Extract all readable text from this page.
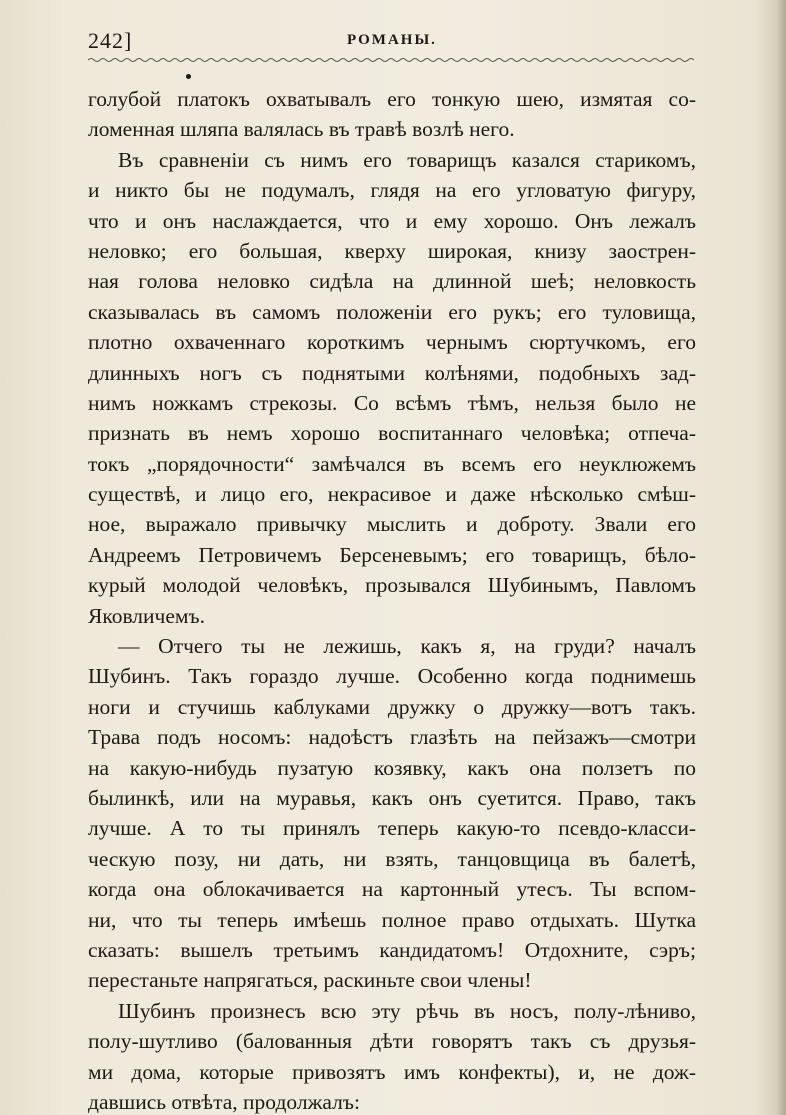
242]	РОМАНЫ.
голубой платокъ охватывалъ его тонкую шею, измятая со-
ломенная шляпа валялась въ травѣ возлѣ него.
Въ сравненіи съ нимъ его товарищъ казался старикомъ,
и никто бы не подумалъ, глядя на его угловатую фигуру,
что и онъ наслаждается, что и ему хорошо. Онъ лежалъ
неловко; его большая, кверху широкая, книзу заострен-
ная голова неловко сидѣла на длинной шеѣ; неловкость
сказывалась въ самомъ положеніи его рукъ; его туловища,
плотно охваченнаго короткимъ чернымъ сюртучкомъ, его
длинныхъ ногъ съ поднятыми колѣнями, подобныхъ зад-
нимъ ножкамъ стрекозы. Со всѣмъ тѣмъ, нельзя было не
признать въ немъ хорошо воспитаннаго человѣка; отпеча-
токъ „порядочности“ замѣчался въ всемъ его неуклюжемъ
существѣ, и лицо его, некрасивое и даже нѣсколько смѣш-
ное, выражало привычку мыслить и доброту. Звали его
Андреемъ Петровичемъ Берсеневымъ; его товарищъ, бѣло-
курый молодой человѣкъ, прозывался Шубинымъ, Павломъ
Яковличемъ.
— Отчего ты не лежишь, какъ я, на груди? началъ
Шубинъ. Такъ гораздо лучше. Особенно когда поднимешь
ноги и стучишь каблуками дружку о дружку—вотъ такъ.
Трава подъ носомъ: надоѣстъ глазѣть на пейзажъ—смотри
на какую-нибудь пузатую козявку, какъ она ползетъ по
былинкѣ, или на муравья, какъ онъ суетится. Право, такъ
лучше. А то ты принялъ теперь какую-то псевдо-класси-
ческую позу, ни дать, ни взять, танцовщица въ балетѣ,
когда она облокачивается на картонный утесъ. Ты вспом-
ни, что ты теперь имѣешь полное право отдыхать. Шутка
сказать: вышелъ третьимъ кандидатомъ! Отдохните, сэръ;
перестаньте напрягаться, раскиньте свои члены!
Шубинъ произнесъ всю эту рѣчь въ носъ, полу-лѣниво,
полу-шутливо (балованныя дѣти говорятъ такъ съ друзья-
ми дома, которые привозятъ имъ конфекты), и, не дож-
давшись отвѣта, продолжалъ:
